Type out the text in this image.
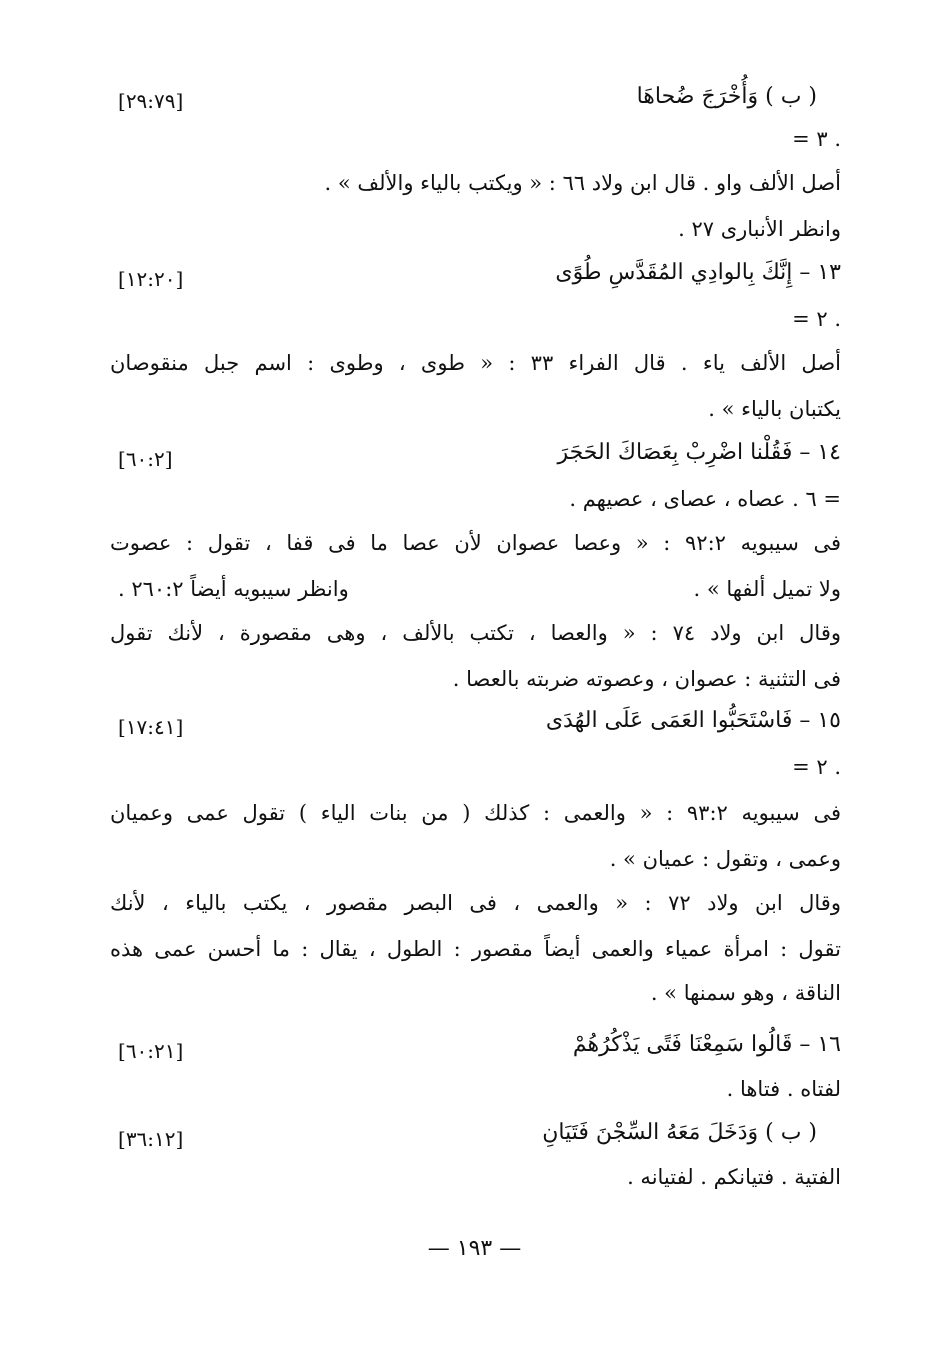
( ب ) وَأُخْرَجَ ضُحاهَا
[٢٩:٧٩]
= ٣ .
أصل الألف واو . قال ابن ولاد ٦٦ : « ويكتب بالياء والألف » .
وانظر الأنبارى ٢٧ .
١٣ – إِنَّكَ بِالوادِي المُقَدَّسِ طُوًى
[١٢:٢٠]
= ٢ .
أصل الألف ياء . قال الفراء ٣٣ : « طوى ، وطوى : اسم جبل منقوصان
يكتبان بالياء » .
١٤ – فَقُلْنا اضْرِبْ بِعَصَاكَ الحَجَرَ
[٦٠:٢]
= ٦ . عصاه ، عصاى ، عصيهم .
فى سيبويه ٩٢:٢ : « وعصا عصوان لأن عصا ما فى قفا ، تقول : عصوت
ولا تميل ألفها » .
وانظر سيبويه أيضاً ٢٦٠:٢ .
وقال ابن ولاد ٧٤ : « والعصا ، تكتب بالألف ، وهى مقصورة ، لأنك تقول
فى التثنية : عصوان ، وعصوته ضربته بالعصا .
١٥ – فَاسْتَحَبُّوا العَمَى عَلَى الهُدَى
[١٧:٤١]
= ٢ .
فى سيبويه ٩٣:٢ : « والعمى : كذلك ( من بنات الياء ) تقول عمى وعميان
وعمى ، وتقول : عميان » .
وقال ابن ولاد ٧٢ : « والعمى ، فى البصر مقصور ، يكتب بالياء ، لأنك
تقول : امرأة عمياء والعمى أيضاً مقصور : الطول ، يقال : ما أحسن عمى هذه
الناقة ، وهو سمنها » .
١٦ – قَالُوا سَمِعْنَا فَتًى يَذْكُرُهُمْ
[٦٠:٢١]
لفتاه . فتاها .
( ب ) وَدَخَلَ مَعَهُ السِّجْنَ فَتَيَانِ
[٣٦:١٢]
الفتية . فتيانكم . لفتيانه .
— ١٩٣ —
